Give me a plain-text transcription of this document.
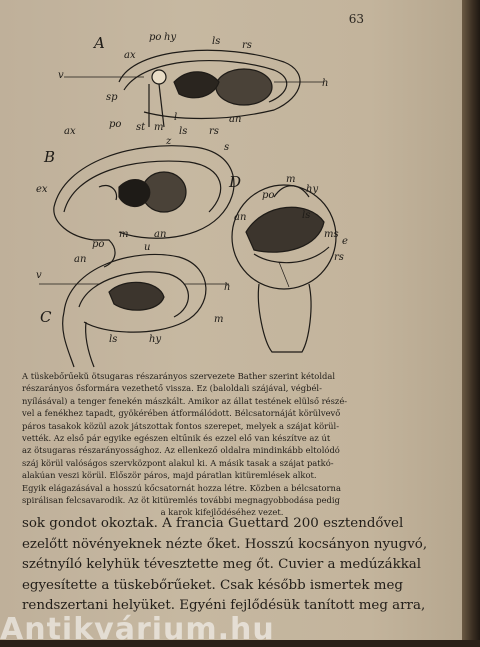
63
A	po hy	ls rs
ax
v
h
sp
st m
an
B
po
ax
l
ls rs
z
s
ex
m	an
u
C
an
po
v
h
m
ls	hy
D	m
hy
po
an	ls
ms
e
rs
A tüskebőrűekŭ ötsugaras részarányos szervezete Bather szerint kétoldal
részarányos ősformára vezethető vissza. Ez (baloldali szájával, végbél-
nyílásával) a tenger fenekén mászkált. Amikor az állat testének elülső részé-
vel a fenékhez tapadt, gyökérében átformálódott. Bélcsatornáját körülvevő
páros tasakok közül azok játszottak fontos szerepet, melyek a szájat körül-
vették. Az első pár egyike egészen eltűnik és ezzel elő van készítve az út
az ötsugaras részarányossághoz. Az ellenkező oldalra mindinkább eltolódó
száj körül valóságos szervközpont alakul ki. A másik tasak a szájat patkó-
alakúan veszi körül. Először páros, majd páratlan kitüremlések alkot.
Egyik elágazásával a hosszú kőcsatornát hozza létre. Közben a bélcsatorna
spirálisan felcsavarodik. Az öt kitüremlés további megnagyobbodása pedig
a karok kifejlődéséhez vezet.
sok gondot okoztak. A francia Guettard 200 esztendővel
ezelőtt növényeknek nézte őket. Hosszú kocsányon nyugvó,
szétnyíló kelyhük tévesztette meg őt. Cuvier a medúzákkal
egyesítette a tüskebőrűeket. Csak később ismertek meg
rendszertani helyüket. Egyéni fejlődésük tanított meg arra,
Antikvárium.hu
